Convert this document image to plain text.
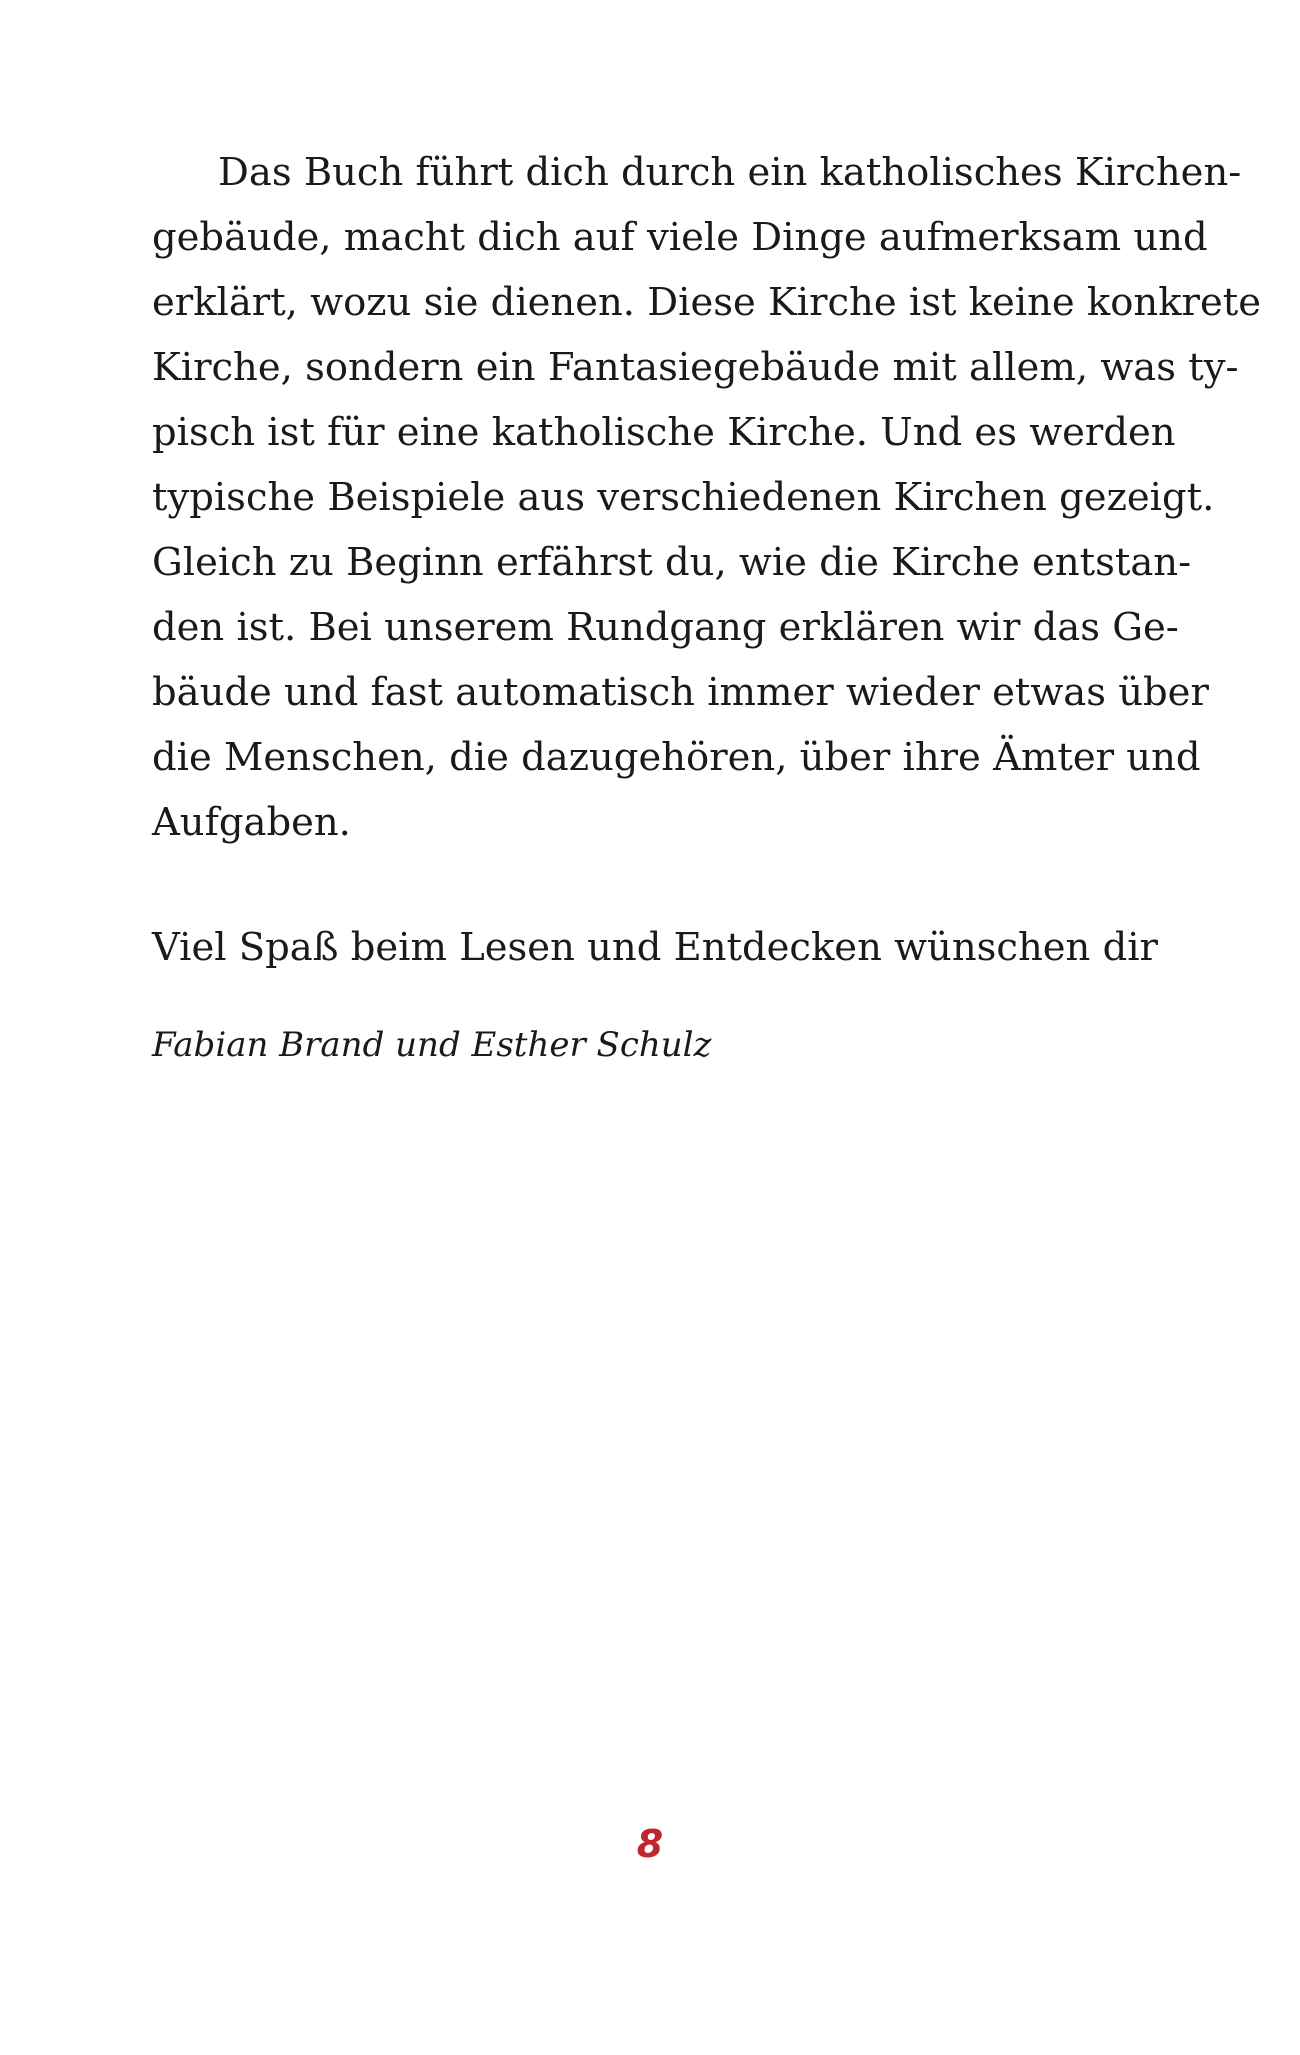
Das Buch führt dich durch ein katholisches Kirchen-
gebäude, macht dich auf viele Dinge aufmerksam und
erklärt, wozu sie dienen. Diese Kirche ist keine konkrete
Kirche, sondern ein Fantasiegebäude mit allem, was ty-
pisch ist für eine katholische Kirche. Und es werden
typische Beispiele aus verschiedenen Kirchen gezeigt.
Gleich zu Beginn erfährst du, wie die Kirche entstan-
den ist. Bei unserem Rundgang erklären wir das Ge-
bäude und fast automatisch immer wieder etwas über
die Menschen, die dazugehören, über ihre Ämter und
Aufgaben.
Viel Spaß beim Lesen und Entdecken wünschen dir
Fabian Brand und Esther Schulz
8
